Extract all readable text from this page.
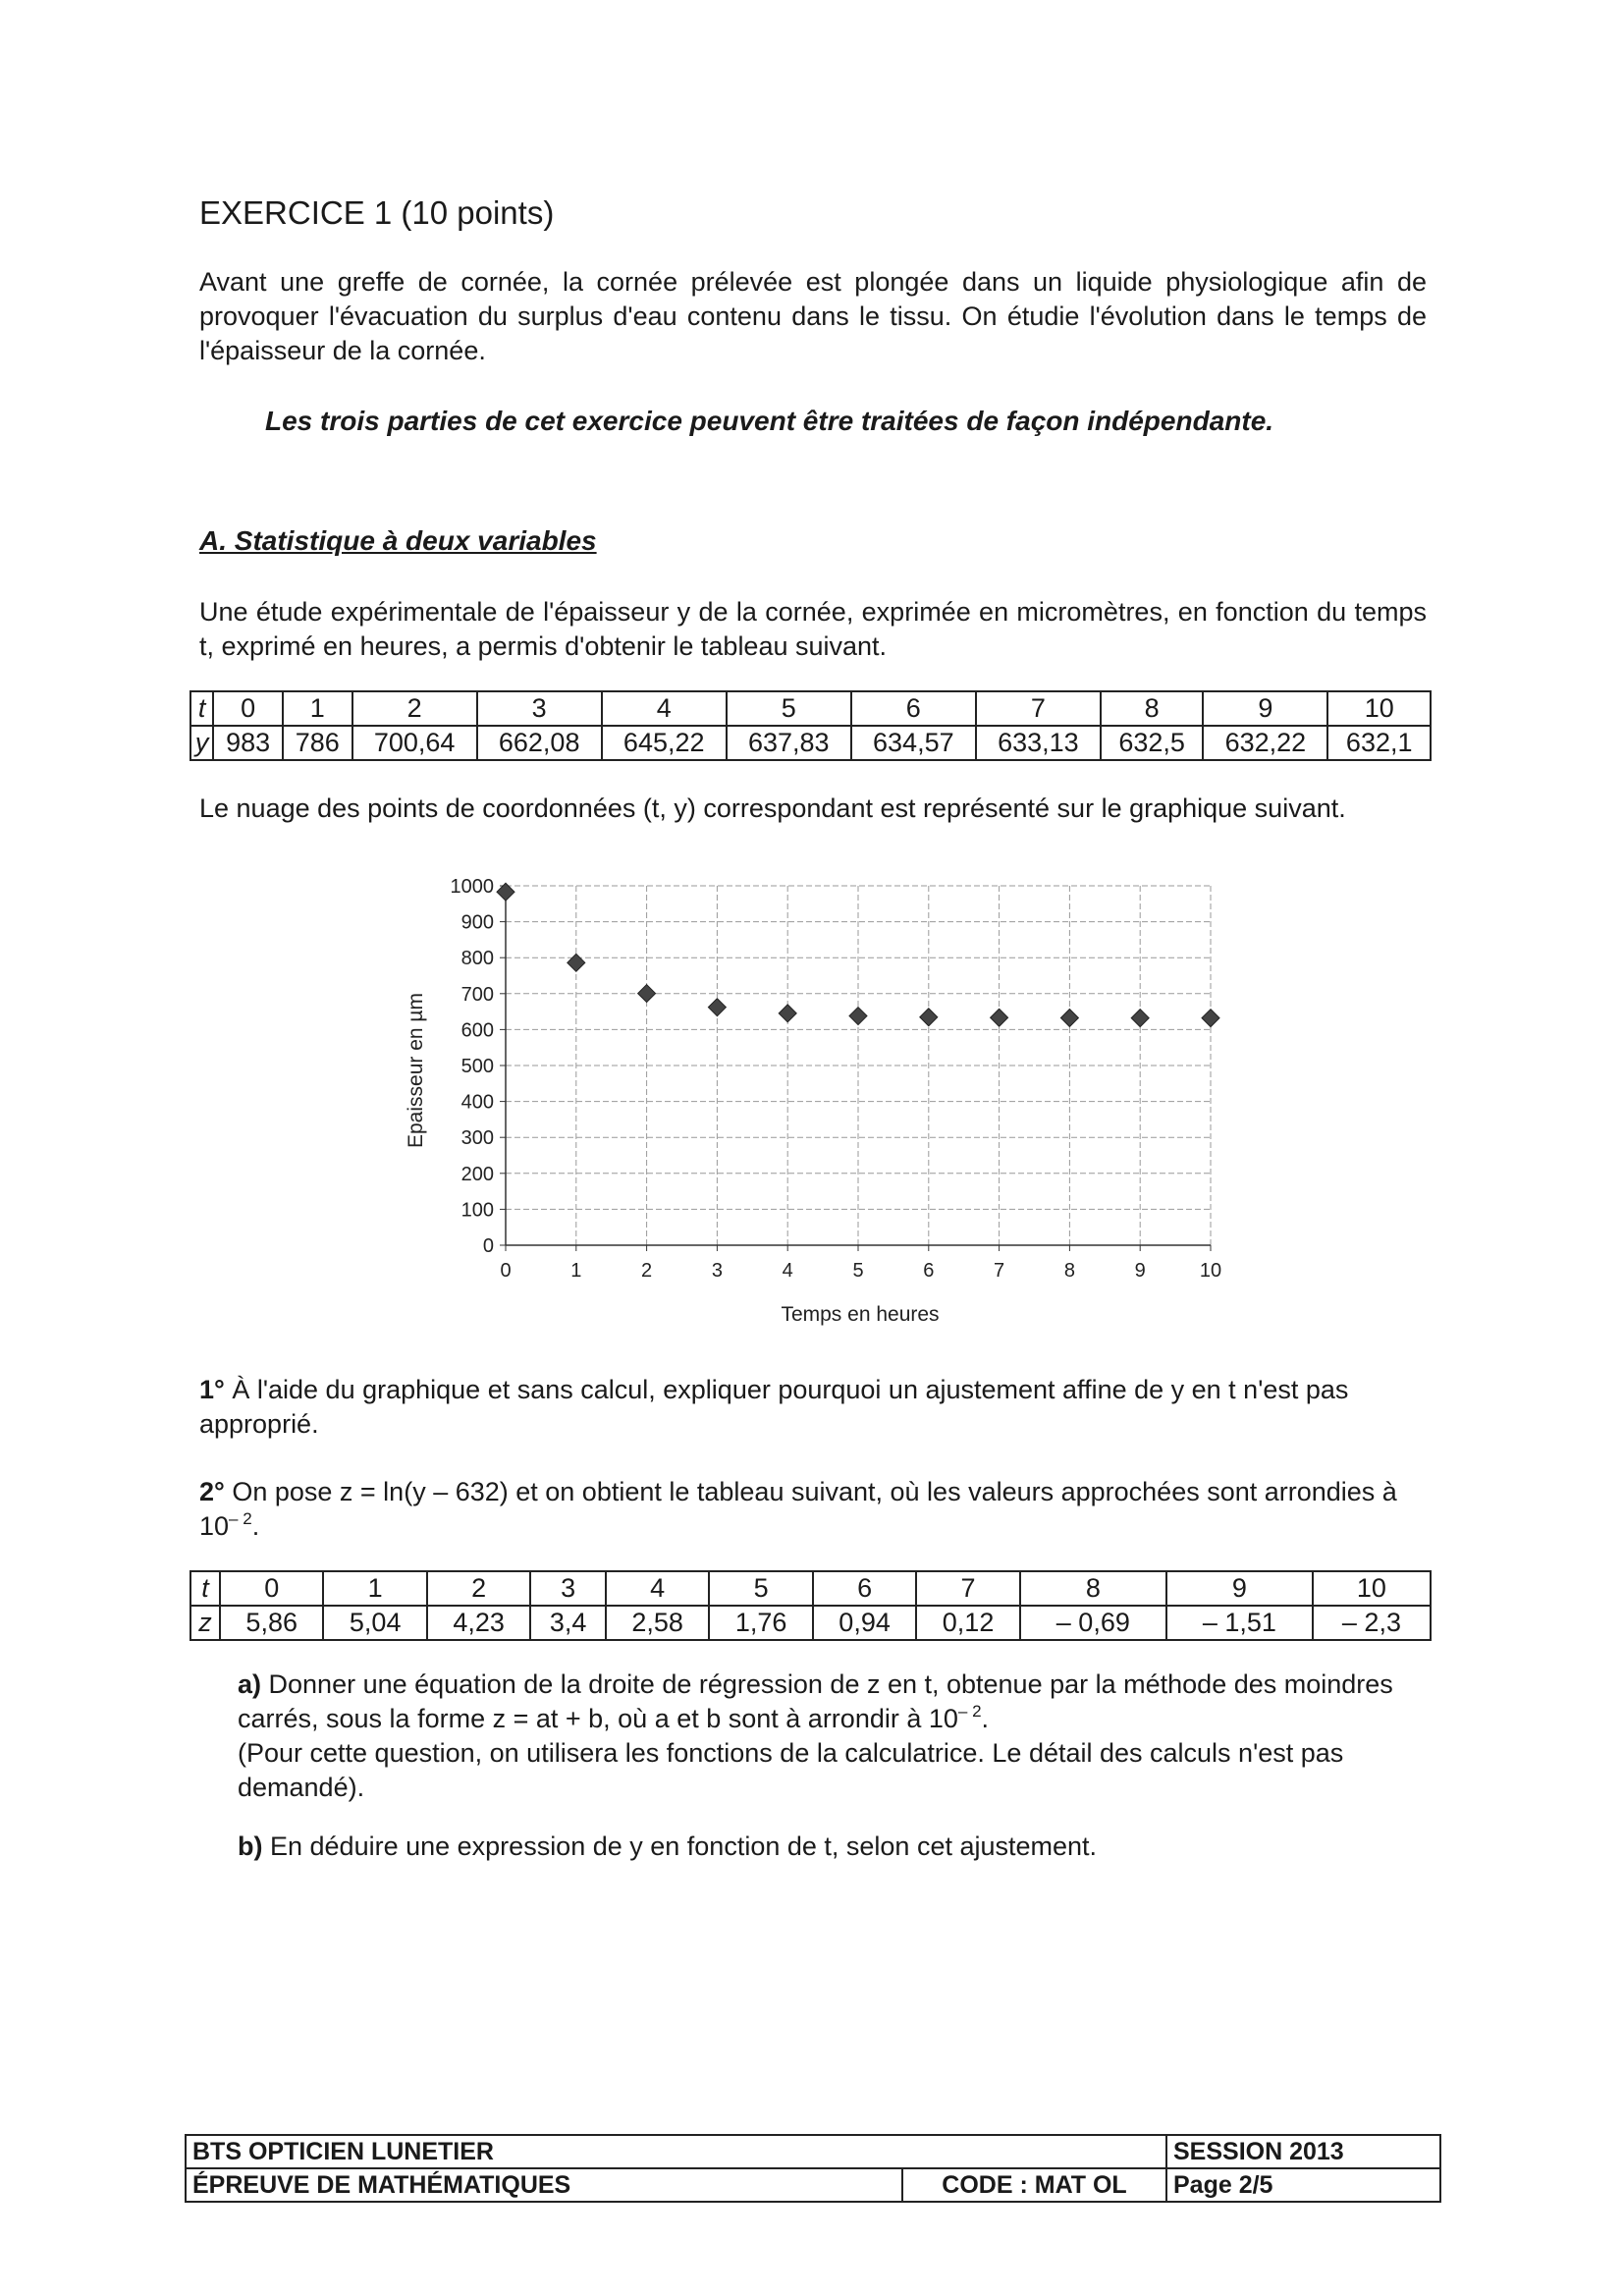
EXERCICE 1 (10 points)
Avant une greffe de cornée, la cornée prélevée est plongée dans un liquide physiologique afin de provoquer l'évacuation du surplus d'eau contenu dans le tissu. On étudie l'évolution dans le temps de l'épaisseur de la cornée.
Les trois parties de cet exercice peuvent être traitées de façon indépendante.
A. Statistique à deux variables
Une étude expérimentale de l'épaisseur y de la cornée, exprimée en micromètres, en fonction du temps t, exprimé en heures, a permis d'obtenir le tableau suivant.
t	0	1	2	3	4	5	6	7	8	9	10
y	983	786	700,64	662,08	645,22	637,83	634,57	633,13	632,5	632,22	632,1
Le nuage des points de coordonnées (t, y) correspondant est représenté sur le graphique suivant.
0
100
200
300
400
500
600
700
800
900
1000
0	1	2	3	4	5	6	7	8	9	10
Temps en heures
Epaisseur en µm
1° À l'aide du graphique et sans calcul, expliquer pourquoi un ajustement affine de y en t n'est pas approprié.
2° On pose z = ln(y – 632) et on obtient le tableau suivant, où les valeurs approchées sont arrondies à $10^{- 2}$.
t	0	1	2	3	4	5	6	7	8	9	10
z	5,86	5,04	4,23	3,4	2,58	1,76	0,94	0,12	– 0,69	– 1,51	– 2,3
a) Donner une équation de la droite de régression de z en t, obtenue par la méthode des moindres carrés, sous la forme z = at + b, où a et b sont à arrondir à $10^{- 2}$.
(Pour cette question, on utilisera les fonctions de la calculatrice. Le détail des calculs n'est pas demandé).
b) En déduire une expression de y en fonction de t, selon cet ajustement.
BTS OPTICIEN LUNETIER		SESSION 2013
ÉPREUVE DE MATHÉMATIQUES	CODE : MAT OL	Page 2/5
